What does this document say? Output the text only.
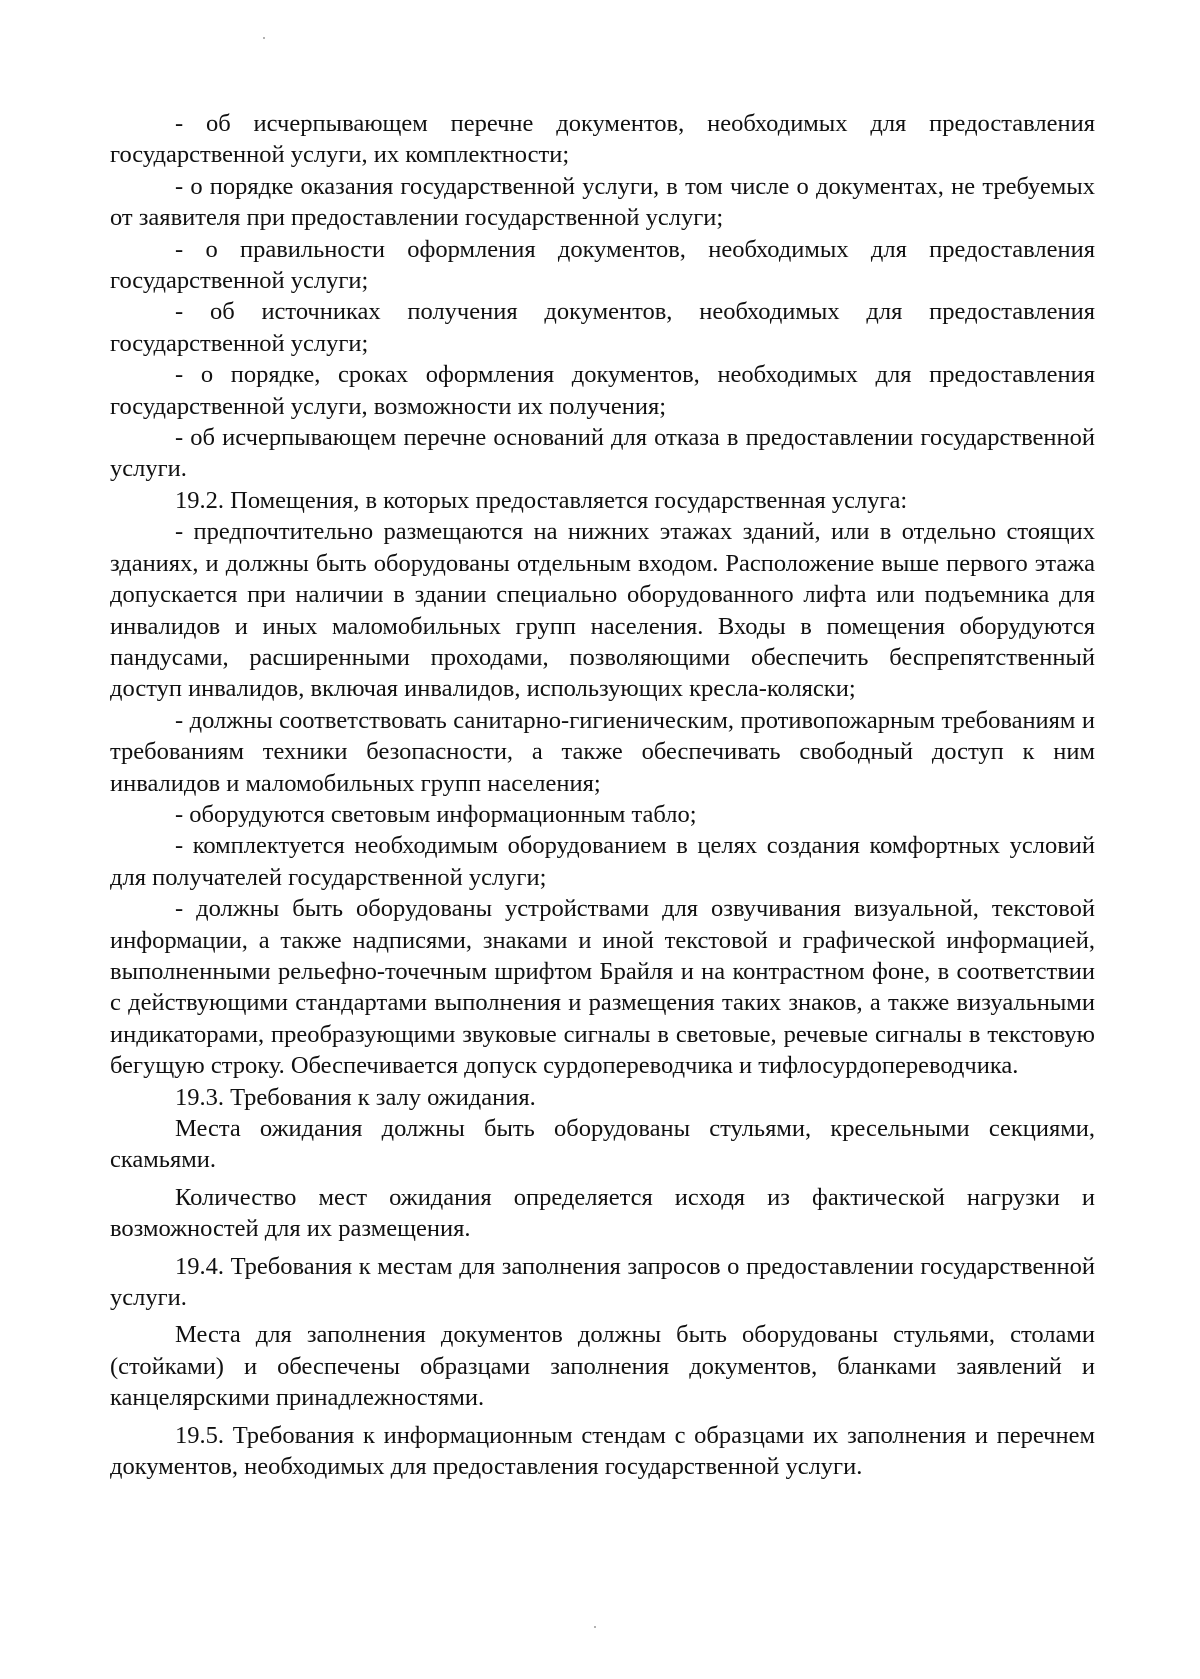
- об исчерпывающем перечне документов, необходимых для предоставления государственной услуги, их комплектности;

- о порядке оказания государственной услуги, в том числе о документах, не требуемых от заявителя при предоставлении государственной услуги;

- о правильности оформления документов, необходимых для предоставления государственной услуги;

- об источниках получения документов, необходимых для предоставления государственной услуги;

- о порядке, сроках оформления документов, необходимых для предоставления государственной услуги, возможности их получения;

- об исчерпывающем перечне оснований для отказа в предоставлении государственной услуги.

19.2. Помещения, в которых предоставляется государственная услуга:

- предпочтительно размещаются на нижних этажах зданий, или в отдельно стоящих зданиях, и должны быть оборудованы отдельным входом. Расположение выше первого этажа допускается при наличии в здании специально оборудованного лифта или подъемника для инвалидов и иных маломобильных групп населения. Входы в помещения оборудуются пандусами, расширенными проходами, позволяющими обеспечить беспрепятственный доступ инвалидов, включая инвалидов, использующих кресла-коляски;

- должны соответствовать санитарно-гигиеническим, противопожарным требованиям и требованиям техники безопасности, а также обеспечивать свободный доступ к ним инвалидов и маломобильных групп населения;

- оборудуются световым информационным табло;

- комплектуется необходимым оборудованием в целях создания комфортных условий для получателей государственной услуги;

- должны быть оборудованы устройствами для озвучивания визуальной, текстовой информации, а также надписями, знаками и иной текстовой и графической информацией, выполненными рельефно-точечным шрифтом Брайля и на контрастном фоне, в соответствии с действующими стандартами выполнения и размещения таких знаков, а также визуальными индикаторами, преобразующими звуковые сигналы в световые, речевые сигналы в текстовую бегущую строку. Обеспечивается допуск сурдопереводчика и тифлосурдопереводчика.

19.3. Требования к залу ожидания.

Места ожидания должны быть оборудованы стульями, кресельными секциями, скамьями.

Количество мест ожидания определяется исходя из фактической нагрузки и возможностей для их размещения.

19.4. Требования к местам для заполнения запросов о предоставлении государственной услуги.

Места для заполнения документов должны быть оборудованы стульями, столами (стойками) и обеспечены образцами заполнения документов, бланками заявлений и канцелярскими принадлежностями.

19.5. Требования к информационным стендам с образцами их заполнения и перечнем документов, необходимых для предоставления государственной услуги.
